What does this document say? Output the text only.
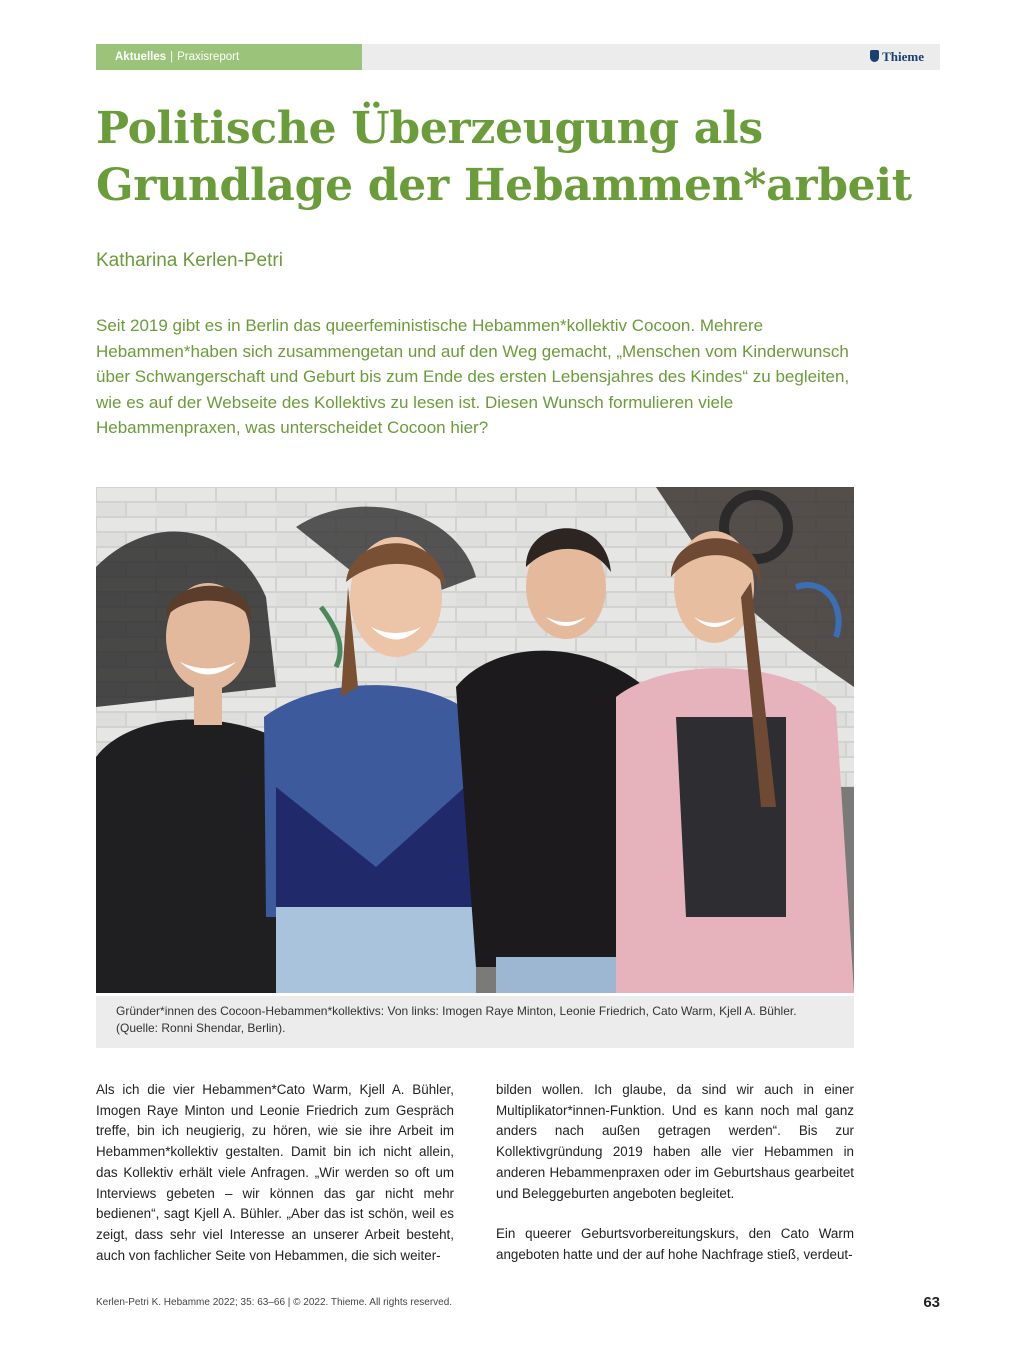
Aktuelles | Praxisreport	Thieme
Politische Überzeugung als
Grundlage der Hebammen*arbeit
Katharina Kerlen-Petri

Seit 2019 gibt es in Berlin das queerfeministische Hebammen*kollektiv Cocoon. Mehrere Hebammen*haben sich zusammengetan und auf den Weg gemacht, „Menschen vom Kinderwunsch über Schwangerschaft und Geburt bis zum Ende des ersten Lebensjahres des Kindes“ zu begleiten, wie es auf der Webseite des Kollektivs zu lesen ist. Diesen Wunsch formulieren viele Hebammenpraxen, was unterscheidet Cocoon hier?

Gründer*innen des Cocoon-Hebammen*kollektivs: Von links: Imogen Raye Minton, Leonie Friedrich, Cato Warm, Kjell A. Bühler. (Quelle: Ronni Shendar, Berlin).

Als ich die vier Hebammen*Cato Warm, Kjell A. Bühler, Imogen Raye Minton und Leonie Friedrich zum Gespräch treffe, bin ich neugierig, zu hören, wie sie ihre Arbeit im Hebammen*kollektiv gestalten. Damit bin ich nicht allein, das Kollektiv erhält viele Anfragen. „Wir werden so oft um Interviews gebeten – wir können das gar nicht mehr bedienen“, sagt Kjell A. Bühler. „Aber das ist schön, weil es zeigt, dass sehr viel Interesse an unserer Arbeit besteht, auch von fachlicher Seite von Hebammen, die sich weiter-

bilden wollen. Ich glaube, da sind wir auch in einer Multiplikator*innen-Funktion. Und es kann noch mal ganz anders nach außen getragen werden“. Bis zur Kollektivgründung 2019 haben alle vier Hebammen in anderen Hebammenpraxen oder im Geburtshaus gearbeitet und Beleggeburten angeboten begleitet.

Ein queerer Geburtsvorbereitungskurs, den Cato Warm angeboten hatte und der auf hohe Nachfrage stieß, verdeut-

Kerlen-Petri K. Hebamme 2022; 35: 63–66 | © 2022. Thieme. All rights reserved.	63
